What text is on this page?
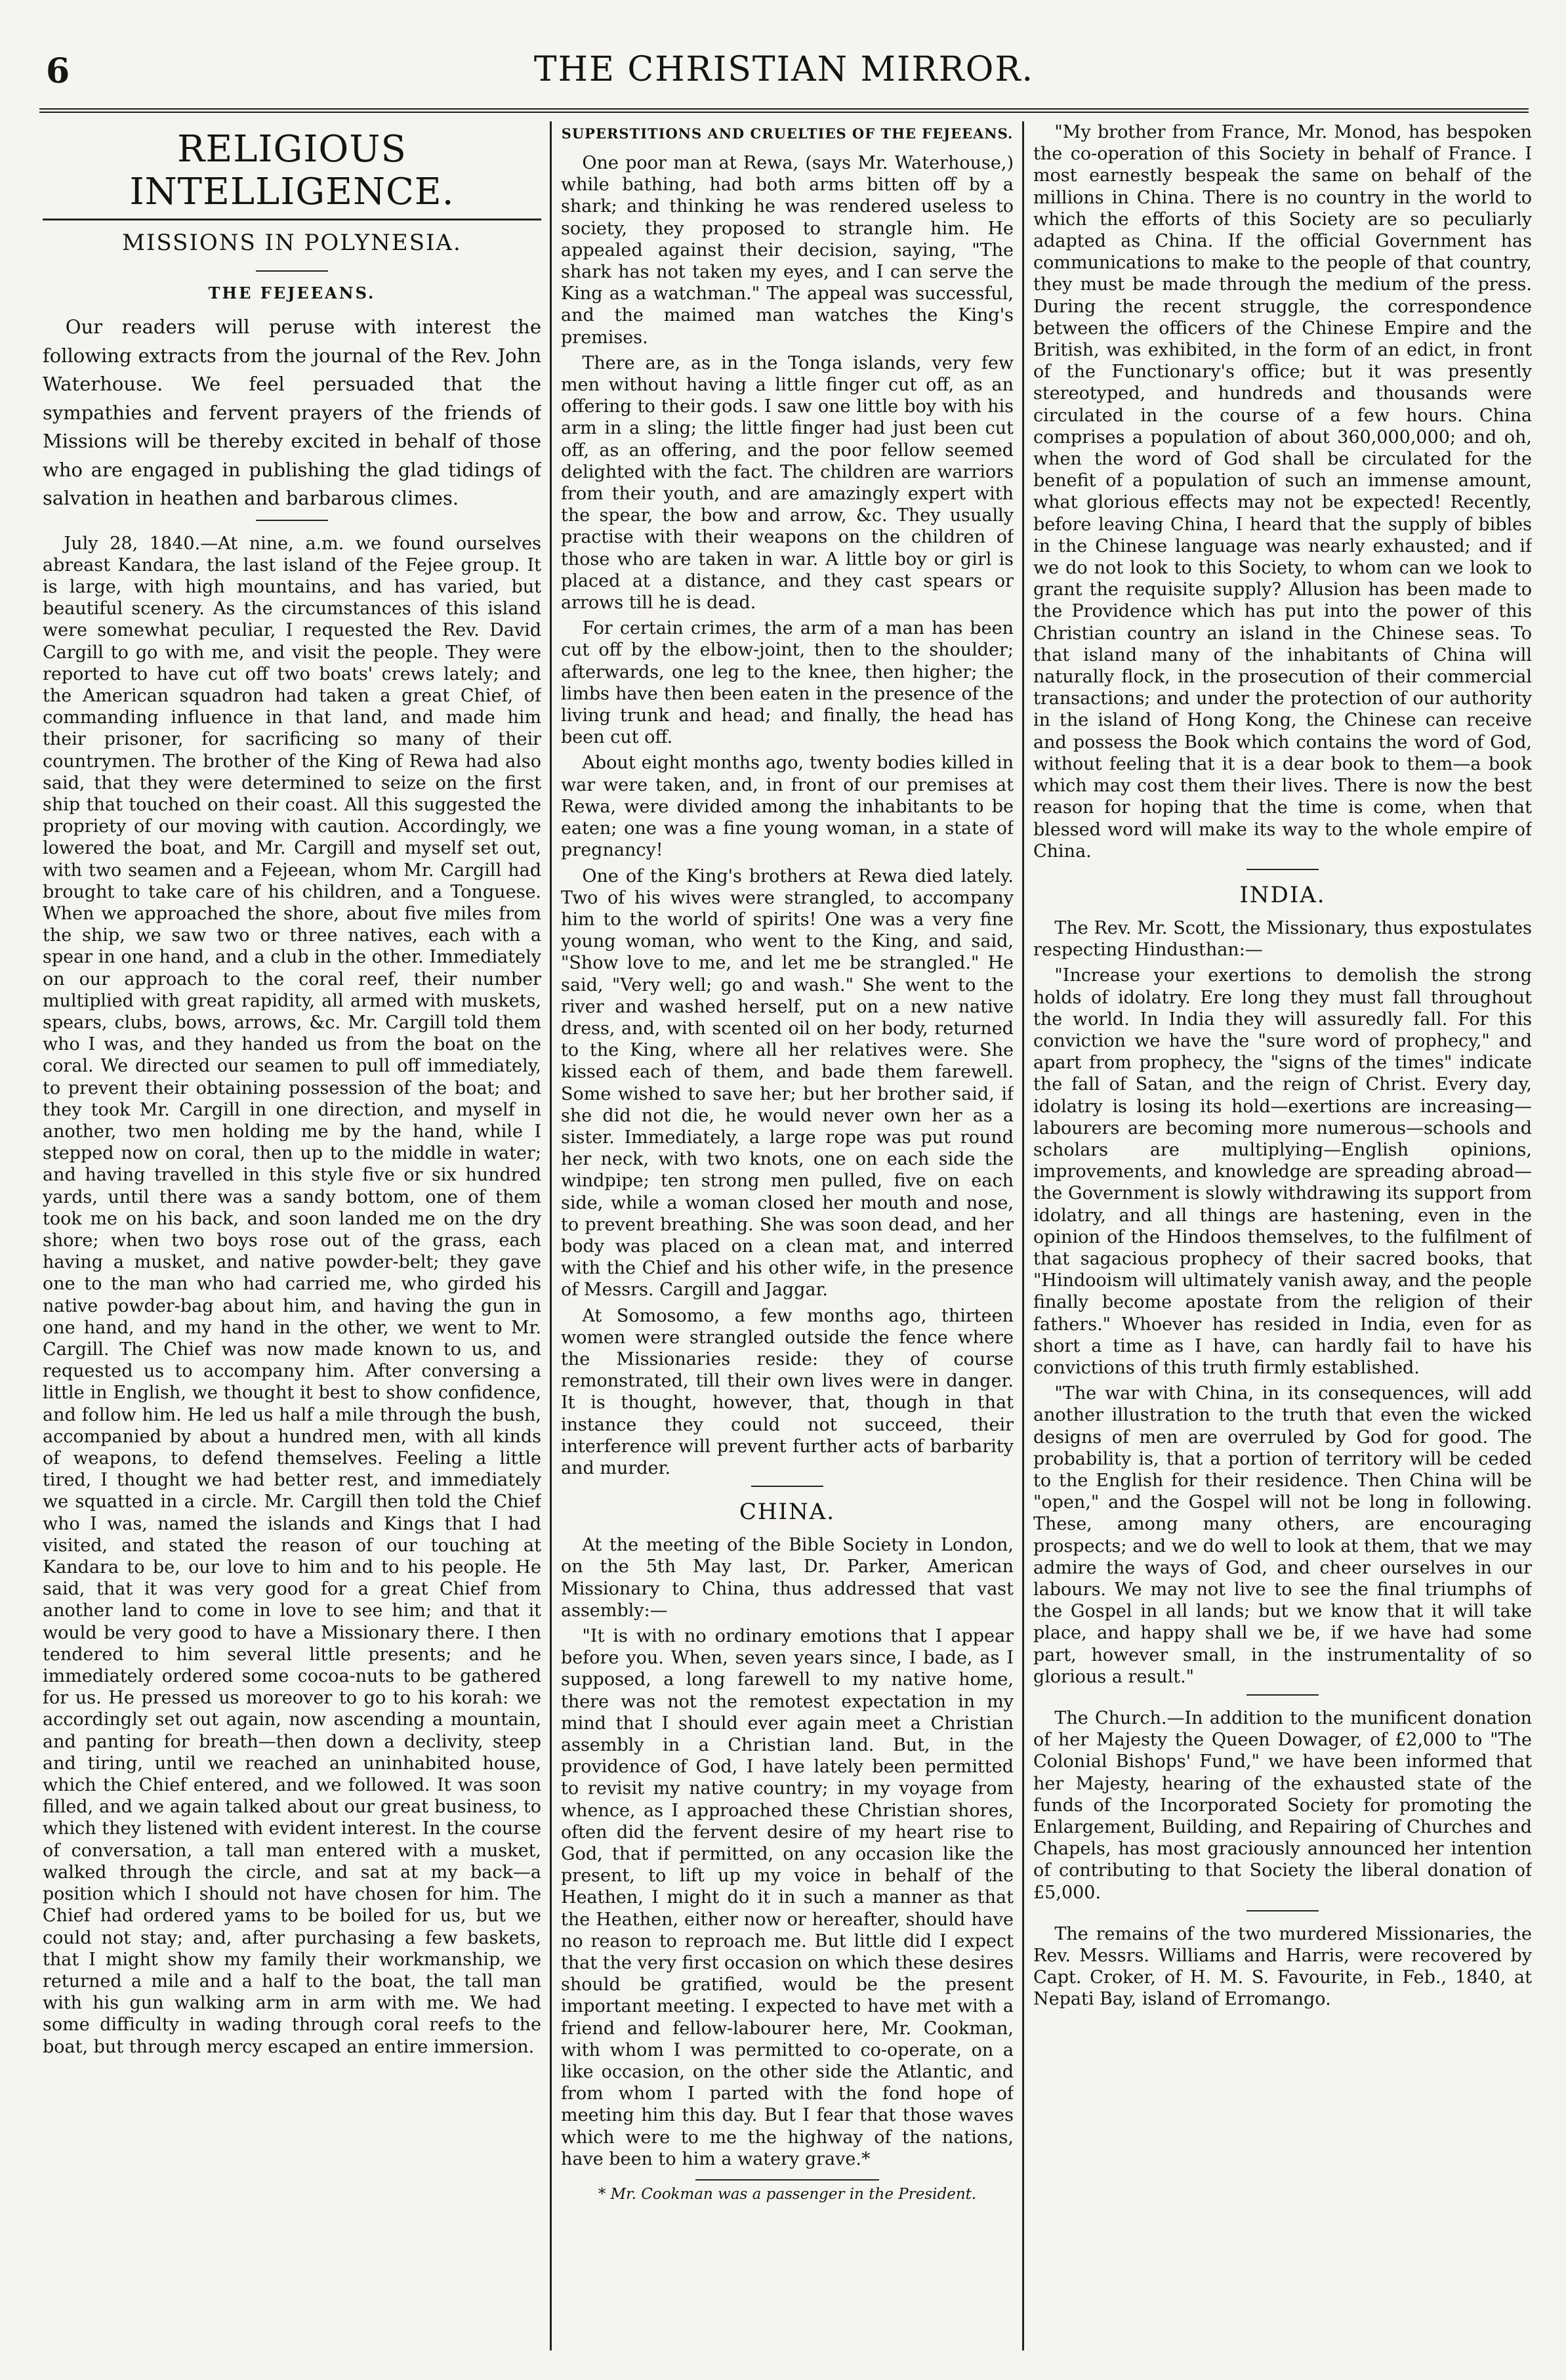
6	THE CHRISTIAN MIRROR.
RELIGIOUS INTELLIGENCE.
MISSIONS IN POLYNESIA.
THE FEJEEANS.

Our readers will peruse with interest the following extracts from the journal of the Rev. John Waterhouse. We feel persuaded that the sympathies and fervent prayers of the friends of Missions will be thereby excited in behalf of those who are engaged in publishing the glad tidings of salvation in heathen and barbarous climes.

July 28, 1840.—At nine, a.m. we found ourselves abreast Kandara, the last island of the Fejee group. It is large, with high mountains, and has varied, but beautiful scenery. As the circumstances of this island were somewhat peculiar, I requested the Rev. David Cargill to go with me, and visit the people. They were reported to have cut off two boats' crews lately; and the American squadron had taken a great Chief, of commanding influence in that land, and made him their prisoner, for sacrificing so many of their countrymen. The brother of the King of Rewa had also said, that they were determined to seize on the first ship that touched on their coast. All this suggested the propriety of our moving with caution. Accordingly, we lowered the boat, and Mr. Cargill and myself set out, with two seamen and a Fejeean, whom Mr. Cargill had brought to take care of his children, and a Tonguese. When we approached the shore, about five miles from the ship, we saw two or three natives, each with a spear in one hand, and a club in the other. Immediately on our approach to the coral reef, their number multiplied with great rapidity, all armed with muskets, spears, clubs, bows, arrows, &c. Mr. Cargill told them who I was, and they handed us from the boat on the coral. We directed our seamen to pull off immediately, to prevent their obtaining possession of the boat; and they took Mr. Cargill in one direction, and myself in another, two men holding me by the hand, while I stepped now on coral, then up to the middle in water; and having travelled in this style five or six hundred yards, until there was a sandy bottom, one of them took me on his back, and soon landed me on the dry shore; when two boys rose out of the grass, each having a musket, and native powder-belt; they gave one to the man who had carried me, who girded his native powder-bag about him, and having the gun in one hand, and my hand in the other, we went to Mr. Cargill. The Chief was now made known to us, and requested us to accompany him. After conversing a little in English, we thought it best to show confidence, and follow him. He led us half a mile through the bush, accompanied by about a hundred men, with all kinds of weapons, to defend themselves. Feeling a little tired, I thought we had better rest, and immediately we squatted in a circle. Mr. Cargill then told the Chief who I was, named the islands and Kings that I had visited, and stated the reason of our touching at Kandara to be, our love to him and to his people. He said, that it was very good for a great Chief from another land to come in love to see him; and that it would be very good to have a Missionary there. I then tendered to him several little presents; and he immediately ordered some cocoa-nuts to be gathered for us. He pressed us moreover to go to his korah: we accordingly set out again, now ascending a mountain, and panting for breath—then down a declivity, steep and tiring, until we reached an uninhabited house, which the Chief entered, and we followed. It was soon filled, and we again talked about our great business, to which they listened with evident interest. In the course of conversation, a tall man entered with a musket, walked through the circle, and sat at my back—a position which I should not have chosen for him. The Chief had ordered yams to be boiled for us, but we could not stay; and, after purchasing a few baskets, that I might show my family their workmanship, we returned a mile and a half to the boat, the tall man with his gun walking arm in arm with me. We had some difficulty in wading through coral reefs to the boat, but through mercy escaped an entire immersion.

SUPERSTITIONS AND CRUELTIES OF THE FEJEEANS.

One poor man at Rewa, (says Mr. Waterhouse,) while bathing, had both arms bitten off by a shark; and thinking he was rendered useless to society, they proposed to strangle him. He appealed against their decision, saying, "The shark has not taken my eyes, and I can serve the King as a watchman." The appeal was successful, and the maimed man watches the King's premises.

There are, as in the Tonga islands, very few men without having a little finger cut off, as an offering to their gods. I saw one little boy with his arm in a sling; the little finger had just been cut off, as an offering, and the poor fellow seemed delighted with the fact. The children are warriors from their youth, and are amazingly expert with the spear, the bow and arrow, &c. They usually practise with their weapons on the children of those who are taken in war. A little boy or girl is placed at a distance, and they cast spears or arrows till he is dead.

For certain crimes, the arm of a man has been cut off by the elbow-joint, then to the shoulder; afterwards, one leg to the knee, then higher; the limbs have then been eaten in the presence of the living trunk and head; and finally, the head has been cut off.

About eight months ago, twenty bodies killed in war were taken, and, in front of our premises at Rewa, were divided among the inhabitants to be eaten; one was a fine young woman, in a state of pregnancy!

One of the King's brothers at Rewa died lately. Two of his wives were strangled, to accompany him to the world of spirits! One was a very fine young woman, who went to the King, and said, "Show love to me, and let me be strangled." He said, "Very well; go and wash." She went to the river and washed herself, put on a new native dress, and, with scented oil on her body, returned to the King, where all her relatives were. She kissed each of them, and bade them farewell. Some wished to save her; but her brother said, if she did not die, he would never own her as a sister. Immediately, a large rope was put round her neck, with two knots, one on each side the windpipe; ten strong men pulled, five on each side, while a woman closed her mouth and nose, to prevent breathing. She was soon dead, and her body was placed on a clean mat, and interred with the Chief and his other wife, in the presence of Messrs. Cargill and Jaggar.

At Somosomo, a few months ago, thirteen women were strangled outside the fence where the Missionaries reside: they of course remonstrated, till their own lives were in danger. It is thought, however, that, though in that instance they could not succeed, their interference will prevent further acts of barbarity and murder.

CHINA.

At the meeting of the Bible Society in London, on the 5th May last, Dr. Parker, American Missionary to China, thus addressed that vast assembly:—

"It is with no ordinary emotions that I appear before you. When, seven years since, I bade, as I supposed, a long farewell to my native home, there was not the remotest expectation in my mind that I should ever again meet a Christian assembly in a Christian land. But, in the providence of God, I have lately been permitted to revisit my native country; in my voyage from whence, as I approached these Christian shores, often did the fervent desire of my heart rise to God, that if permitted, on any occasion like the present, to lift up my voice in behalf of the Heathen, I might do it in such a manner as that the Heathen, either now or hereafter, should have no reason to reproach me. But little did I expect that the very first occasion on which these desires should be gratified, would be the present important meeting. I expected to have met with a friend and fellow-labourer here, Mr. Cookman, with whom I was permitted to co-operate, on a like occasion, on the other side the Atlantic, and from whom I parted with the fond hope of meeting him this day. But I fear that those waves which were to me the highway of the nations, have been to him a watery grave.*

* Mr. Cookman was a passenger in the President.

"My brother from France, Mr. Monod, has bespoken the co-operation of this Society in behalf of France. I most earnestly bespeak the same on behalf of the millions in China. There is no country in the world to which the efforts of this Society are so peculiarly adapted as China. If the official Government has communications to make to the people of that country, they must be made through the medium of the press. During the recent struggle, the correspondence between the officers of the Chinese Empire and the British, was exhibited, in the form of an edict, in front of the Functionary's office; but it was presently stereotyped, and hundreds and thousands were circulated in the course of a few hours. China comprises a population of about 360,000,000; and oh, when the word of God shall be circulated for the benefit of a population of such an immense amount, what glorious effects may not be expected! Recently, before leaving China, I heard that the supply of bibles in the Chinese language was nearly exhausted; and if we do not look to this Society, to whom can we look to grant the requisite supply? Allusion has been made to the Providence which has put into the power of this Christian country an island in the Chinese seas. To that island many of the inhabitants of China will naturally flock, in the prosecution of their commercial transactions; and under the protection of our authority in the island of Hong Kong, the Chinese can receive and possess the Book which contains the word of God, without feeling that it is a dear book to them—a book which may cost them their lives. There is now the best reason for hoping that the time is come, when that blessed word will make its way to the whole empire of China.

INDIA.

The Rev. Mr. Scott, the Missionary, thus expostulates respecting Hindusthan:—

"Increase your exertions to demolish the strong holds of idolatry. Ere long they must fall throughout the world. In India they will assuredly fall. For this conviction we have the "sure word of prophecy," and apart from prophecy, the "signs of the times" indicate the fall of Satan, and the reign of Christ. Every day, idolatry is losing its hold—exertions are increasing—labourers are becoming more numerous—schools and scholars are multiplying—English opinions, improvements, and knowledge are spreading abroad—the Government is slowly withdrawing its support from idolatry, and all things are hastening, even in the opinion of the Hindoos themselves, to the fulfilment of that sagacious prophecy of their sacred books, that "Hindooism will ultimately vanish away, and the people finally become apostate from the religion of their fathers." Whoever has resided in India, even for as short a time as I have, can hardly fail to have his convictions of this truth firmly established.

"The war with China, in its consequences, will add another illustration to the truth that even the wicked designs of men are overruled by God for good. The probability is, that a portion of territory will be ceded to the English for their residence. Then China will be "open," and the Gospel will not be long in following. These, among many others, are encouraging prospects; and we do well to look at them, that we may admire the ways of God, and cheer ourselves in our labours. We may not live to see the final triumphs of the Gospel in all lands; but we know that it will take place, and happy shall we be, if we have had some part, however small, in the instrumentality of so glorious a result."

The Church.—In addition to the munificent donation of her Majesty the Queen Dowager, of £2,000 to "The Colonial Bishops' Fund," we have been informed that her Majesty, hearing of the exhausted state of the funds of the Incorporated Society for promoting the Enlargement, Building, and Repairing of Churches and Chapels, has most graciously announced her intention of contributing to that Society the liberal donation of £5,000.

The remains of the two murdered Missionaries, the Rev. Messrs. Williams and Harris, were recovered by Capt. Croker, of H. M. S. Favourite, in Feb., 1840, at Nepati Bay, island of Erromango.
